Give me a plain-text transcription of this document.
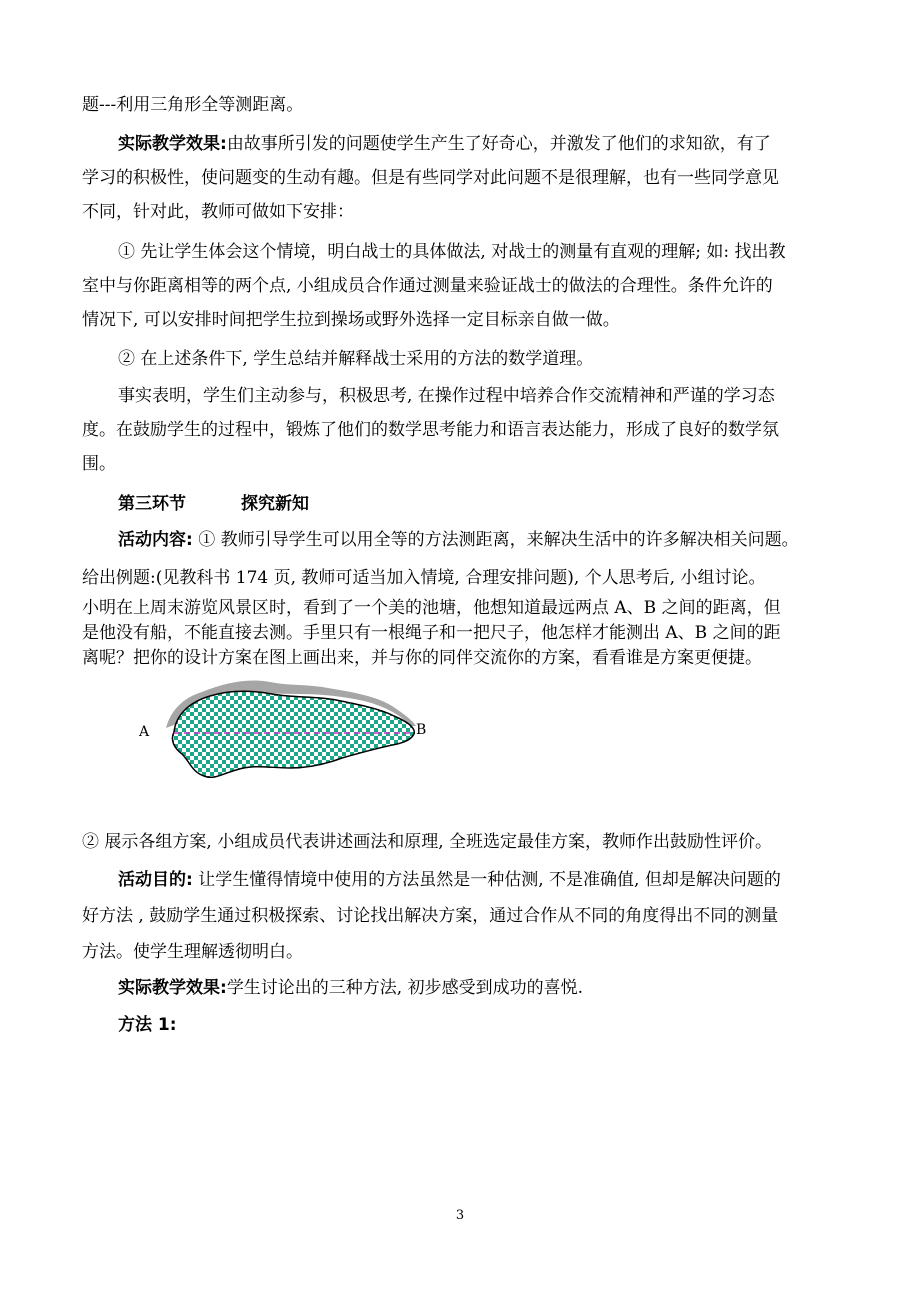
题---利用三角形全等测距离。
实际教学效果:由故事所引发的问题使学生产生了好奇心，并激发了他们的求知欲，有了
学习的积极性，使问题变的生动有趣。但是有些同学对此问题不是很理解，也有一些同学意见
不同，针对此，教师可做如下安排：
① 先让学生体会这个情境，明白战士的具体做法, 对战士的测量有直观的理解; 如: 找出教
室中与你距离相等的两个点, 小组成员合作通过测量来验证战士的做法的合理性。条件允许的
情况下, 可以安排时间把学生拉到操场或野外选择一定目标亲自做一做。
② 在上述条件下, 学生总结并解释战士采用的方法的数学道理。
事实表明，学生们主动参与，积极思考, 在操作过程中培养合作交流精神和严谨的学习态
度。在鼓励学生的过程中，锻炼了他们的数学思考能力和语言表达能力，形成了良好的数学氛
围。
第三环节	探究新知
活动内容: ① 教师引导学生可以用全等的方法测距离，来解决生活中的许多解决相关问题。
给出例题:(见教科书 174 页, 教师可适当加入情境, 合理安排问题), 个人思考后, 小组讨论。
小明在上周末游览风景区时，看到了一个美的池塘，他想知道最远两点 A、B 之间的距离，但
是他没有船，不能直接去测。手里只有一根绳子和一把尺子，他怎样才能测出 A、B 之间的距
离呢？把你的设计方案在图上画出来，并与你的同伴交流你的方案，看看谁是方案更便捷。
A	B
② 展示各组方案, 小组成员代表讲述画法和原理, 全班选定最佳方案，教师作出鼓励性评价。
活动目的: 让学生懂得情境中使用的方法虽然是一种估测, 不是准确值, 但却是解决问题的
好方法 , 鼓励学生通过积极探索、讨论找出解决方案，通过合作从不同的角度得出不同的测量
方法。使学生理解透彻明白。
实际教学效果:学生讨论出的三种方法, 初步感受到成功的喜悦.
方法 1:
3
